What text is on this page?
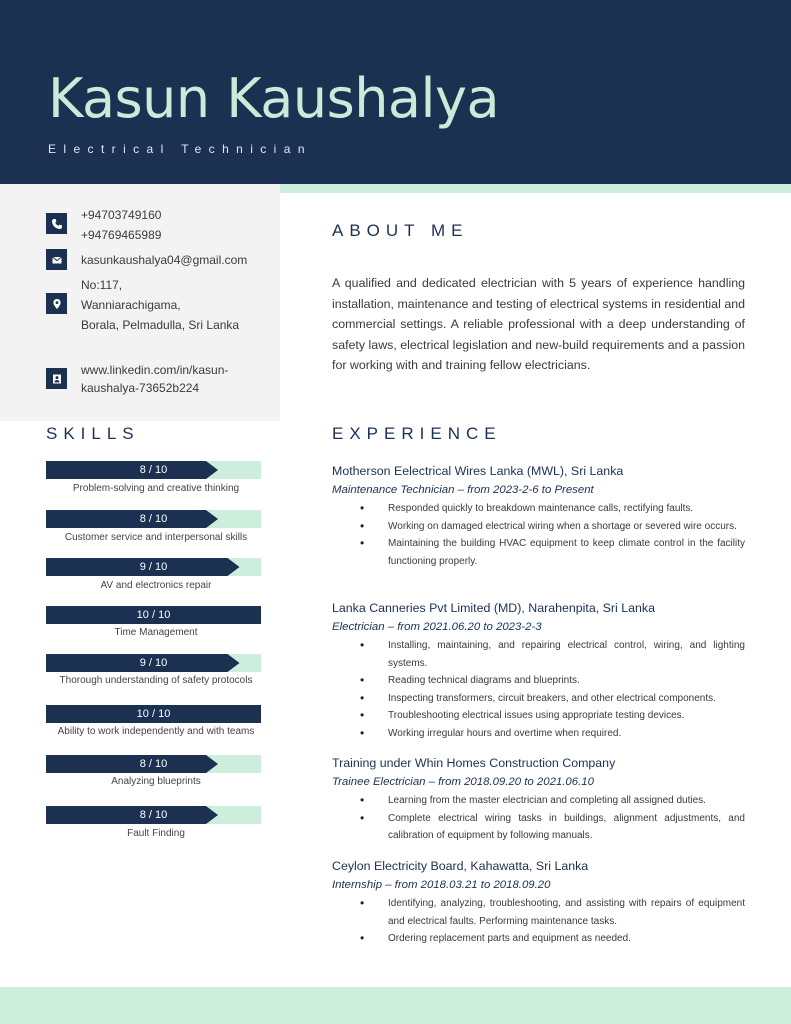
Kasun Kaushalya
Electrical Technician
+94703749160
+94769465989
kasunkaushalya04@gmail.com
No:117,
Wanniarachigama,
Borala, Pelmadulla, Sri Lanka
www.linkedin.com/in/kasun-
kaushalya-73652b224
ABOUT ME
SKILLS	EXPERIENCE
A qualified and dedicated electrician with 5 years of experience handling installation, maintenance and testing of electrical systems in residential and commercial settings. A reliable professional with a deep understanding of safety laws, electrical legislation and new-build requirements and a passion for working with and training fellow electricians.
8 / 10
Problem-solving and creative thinking
8 / 10
Customer service and interpersonal skills
9 / 10
AV and electronics repair
10 / 10
Time Management
9 / 10
Thorough understanding of safety protocols
10 / 10
Ability to work independently and with teams
8 / 10
Analyzing blueprints
8 / 10
Fault Finding
Motherson Eelectrical Wires Lanka (MWL), Sri Lanka
Maintenance Technician – from 2023-2-6 to Present
• Responded quickly to breakdown maintenance calls, rectifying faults.
• Working on damaged electrical wiring when a shortage or severed wire occurs.
• Maintaining the building HVAC equipment to keep climate control in the facility functioning properly.
Lanka Canneries Pvt Limited (MD), Narahenpita, Sri Lanka
Electrician – from 2021.06.20 to 2023-2-3
• Installing, maintaining, and repairing electrical control, wiring, and lighting systems.
• Reading technical diagrams and blueprints.
• Inspecting transformers, circuit breakers, and other electrical components.
• Troubleshooting electrical issues using appropriate testing devices.
• Working irregular hours and overtime when required.
Training under Whin Homes Construction Company
Trainee Electrician – from 2018.09.20 to 2021.06.10
• Learning from the master electrician and completing all assigned duties.
• Complete electrical wiring tasks in buildings, alignment adjustments, and calibration of equipment by following manuals.
Ceylon Electricity Board, Kahawatta, Sri Lanka
Internship – from 2018.03.21 to 2018.09.20
• Identifying, analyzing, troubleshooting, and assisting with repairs of equipment and electrical faults. Performing maintenance tasks.
• Ordering replacement parts and equipment as needed.
